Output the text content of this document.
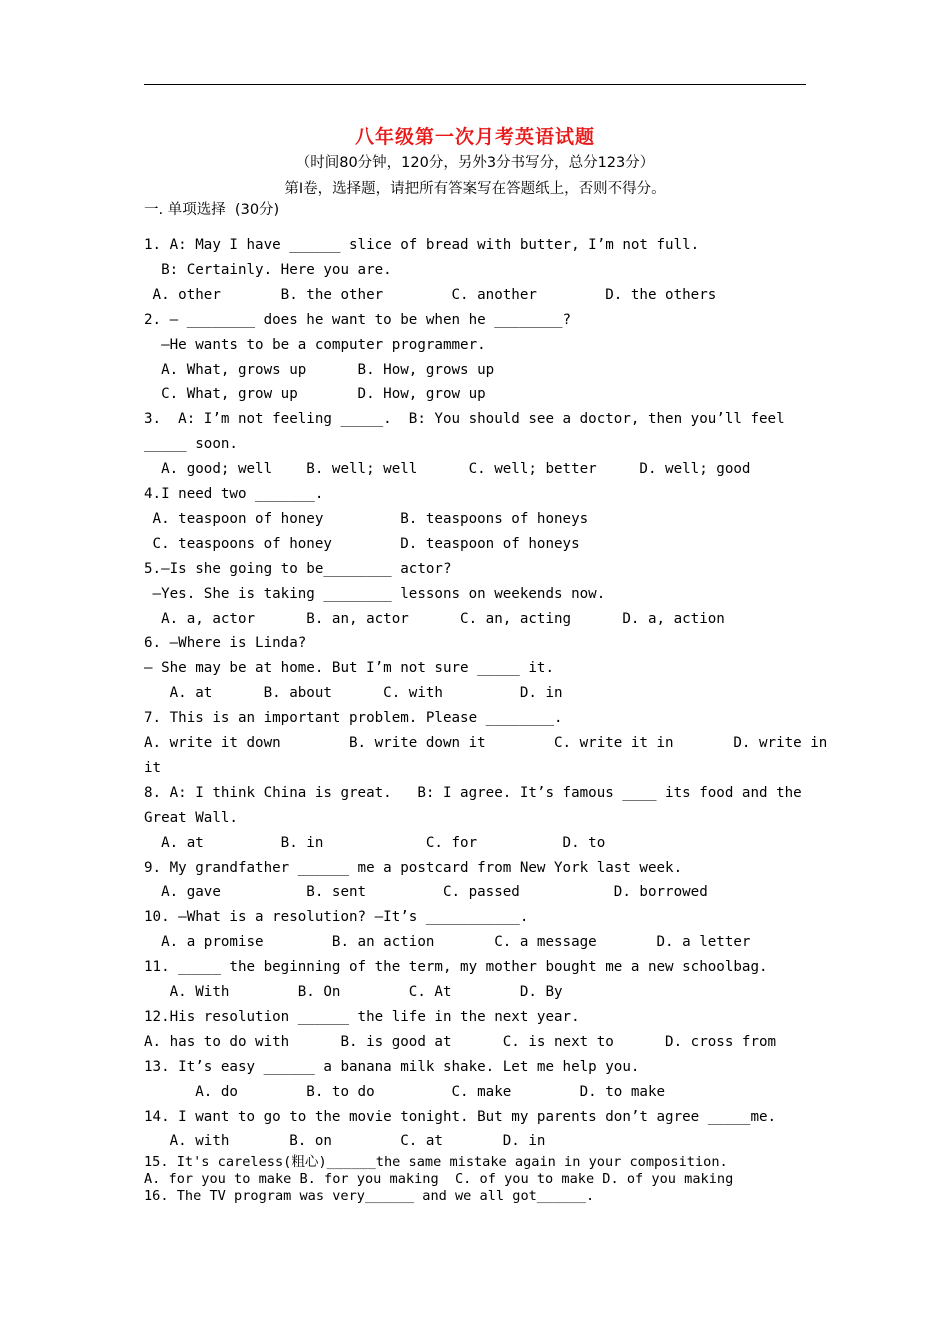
八年级第一次月考英语试题
（时间80分钟，120分，另外3分书写分，总分123分）
第Ⅰ卷，选择题，请把所有答案写在答题纸上，否则不得分。
一. 单项选择  (30分)
1. A: May I have ______ slice of bread with butter, I’m not full.
B: Certainly. Here you are.
A. other       B. the other        C. another        D. the others
2. — ________ does he want to be when he ________?
—He wants to be a computer programmer.
A. What, grows up      B. How, grows up
C. What, grow up       D. How, grow up
3.  A: I’m not feeling _____.  B: You should see a doctor, then you’ll feel
_____ soon.
A. good; well    B. well; well      C. well; better     D. well; good
4.I need two _______.
A. teaspoon of honey         B. teaspoons of honeys
C. teaspoons of honey        D. teaspoon of honeys
5.—Is she going to be________ actor?
—Yes. She is taking ________ lessons on weekends now.
A. a, actor      B. an, actor      C. an, acting      D. a, action
6. —Where is Linda?
— She may be at home. But I’m not sure _____ it.
A. at      B. about      C. with         D. in
7. This is an important problem. Please ________.
A. write it down        B. write down it        C. write it in       D. write in
it
8. A: I think China is great.   B: I agree. It’s famous ____ its food and the
Great Wall.
A. at         B. in            C. for          D. to
9. My grandfather ______ me a postcard from New York last week.
A. gave          B. sent         C. passed           D. borrowed
10. —What is a resolution? —It’s ___________.
A. a promise        B. an action       C. a message       D. a letter
11. _____ the beginning of the term, my mother bought me a new schoolbag.
A. With        B. On        C. At        D. By
12.His resolution ______ the life in the next year.
A. has to do with      B. is good at      C. is next to      D. cross from
13. It’s easy ______ a banana milk shake. Let me help you.
A. do        B. to do         C. make        D. to make
14. I want to go to the movie tonight. But my parents don’t agree _____me.
A. with       B. on        C. at       D. in
15. It's careless(粗心)______the same mistake again in your composition.
A. for you to make B. for you making  C. of you to make D. of you making
16. The TV program was very______ and we all got______.
